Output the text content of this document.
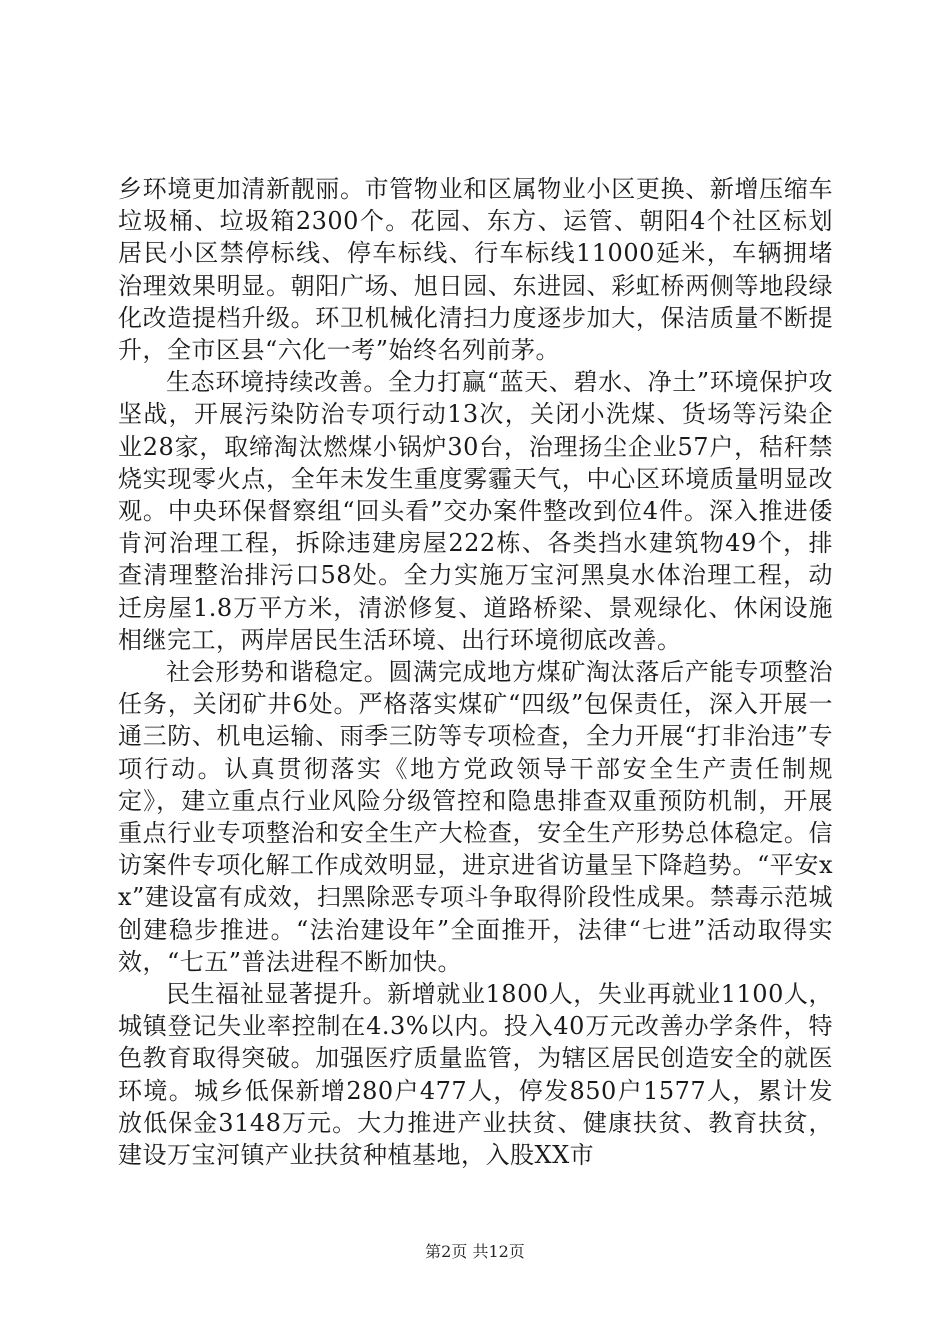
乡环境更加清新靓丽。市管物业和区属物业小区更换、新增压缩车垃圾桶、垃圾箱2300个。花园、东方、运管、朝阳4个社区标划居民小区禁停标线、停车标线、行车标线11000延米，车辆拥堵治理效果明显。朝阳广场、旭日园、东进园、彩虹桥两侧等地段绿化改造提档升级。环卫机械化清扫力度逐步加大，保洁质量不断提升，全市区县“六化一考”始终名列前茅。

生态环境持续改善。全力打赢“蓝天、碧水、净土”环境保护攻坚战，开展污染防治专项行动13次，关闭小洗煤、货场等污染企业28家，取缔淘汰燃煤小锅炉30台，治理扬尘企业57户，秸秆禁烧实现零火点，全年未发生重度雾霾天气，中心区环境质量明显改观。中央环保督察组“回头看”交办案件整改到位4件。深入推进倭肯河治理工程，拆除违建房屋222栋、各类挡水建筑物49个，排查清理整治排污口58处。全力实施万宝河黑臭水体治理工程，动迁房屋1.8万平方米，清淤修复、道路桥梁、景观绿化、休闲设施相继完工，两岸居民生活环境、出行环境彻底改善。

社会形势和谐稳定。圆满完成地方煤矿淘汰落后产能专项整治任务，关闭矿井6处。严格落实煤矿“四级”包保责任，深入开展一通三防、机电运输、雨季三防等专项检查，全力开展“打非治违”专项行动。认真贯彻落实《地方党政领导干部安全生产责任制规定》，建立重点行业风险分级管控和隐患排查双重预防机制，开展重点行业专项整治和安全生产大检查，安全生产形势总体稳定。信访案件专项化解工作成效明显，进京进省访量呈下降趋势。“平安xx”建设富有成效，扫黑除恶专项斗争取得阶段性成果。禁毒示范城创建稳步推进。“法治建设年”全面推开，法律“七进”活动取得实效，“七五”普法进程不断加快。

民生福祉显著提升。新增就业1800人，失业再就业1100人，城镇登记失业率控制在4.3%以内。投入40万元改善办学条件，特色教育取得突破。加强医疗质量监管，为辖区居民创造安全的就医环境。城乡低保新增280户477人，停发850户1577人，累计发放低保金3148万元。大力推进产业扶贫、健康扶贫、教育扶贫，建设万宝河镇产业扶贫种植基地，入股XX市

第2页 共12页
